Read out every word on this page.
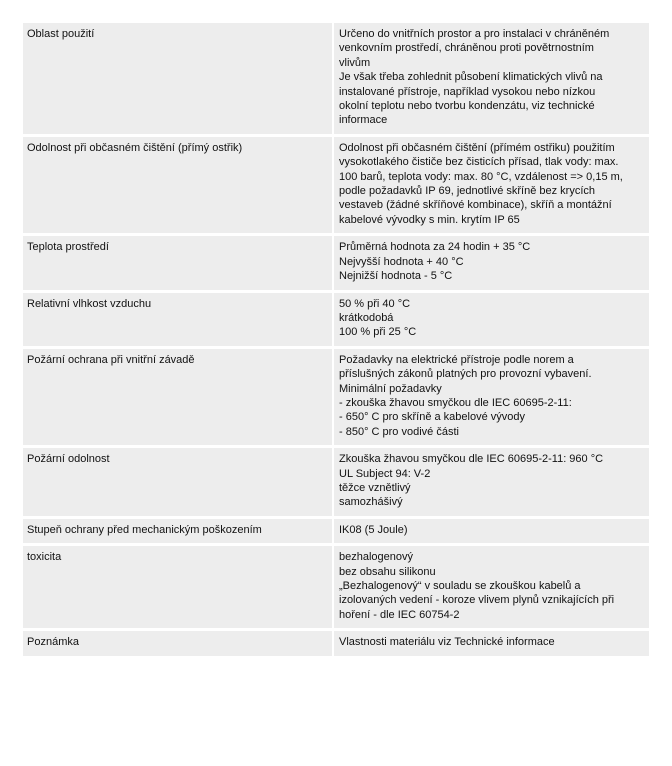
Oblast použití	Určeno do vnitřních prostor a pro instalaci v chráněném
venkovním prostředí, chráněnou proti povětrnostním
vlivům
Je však třeba zohlednit působení klimatických vlivů na
instalované přístroje, například vysokou nebo nízkou
okolní teplotu nebo tvorbu kondenzátu, viz technické
informace
Odolnost při občasném čištění (přímý ostřik)	Odolnost při občasném čištění (přímém ostřiku) použitím
vysokotlakého čističe bez čisticích přísad, tlak vody: max.
100 barů, teplota vody: max. 80 °C, vzdálenost => 0,15 m,
podle požadavků IP 69, jednotlivé skříně bez krycích
vestaveb (žádné skříňové kombinace), skříň a montážní
kabelové vývodky s min. krytím IP 65
Teplota prostředí	Průměrná hodnota za 24 hodin + 35 °C
Nejvyšší hodnota + 40 °C
Nejnižší hodnota - 5 °C
Relativní vlhkost vzduchu	50 % při 40 °C
krátkodobá
100 % při 25 °C
Požární ochrana při vnitřní závadě	Požadavky na elektrické přístroje podle norem a
příslušných zákonů platných pro provozní vybavení.
Minimální požadavky
- zkouška žhavou smyčkou dle IEC 60695-2-11:
- 650° C pro skříně a kabelové vývody
- 850° C pro vodivé části
Požární odolnost	Zkouška žhavou smyčkou dle IEC 60695-2-11: 960 °C
UL Subject 94: V-2
těžce vznětlivý
samozhášivý
Stupeň ochrany před mechanickým poškozením	IK08 (5 Joule)
toxicita	bezhalogenový
bez obsahu silikonu
„Bezhalogenový“ v souladu se zkouškou kabelů a
izolovaných vedení - koroze vlivem plynů vznikajících při
hoření - dle IEC 60754-2
Poznámka	Vlastnosti materiálu viz Technické informace
